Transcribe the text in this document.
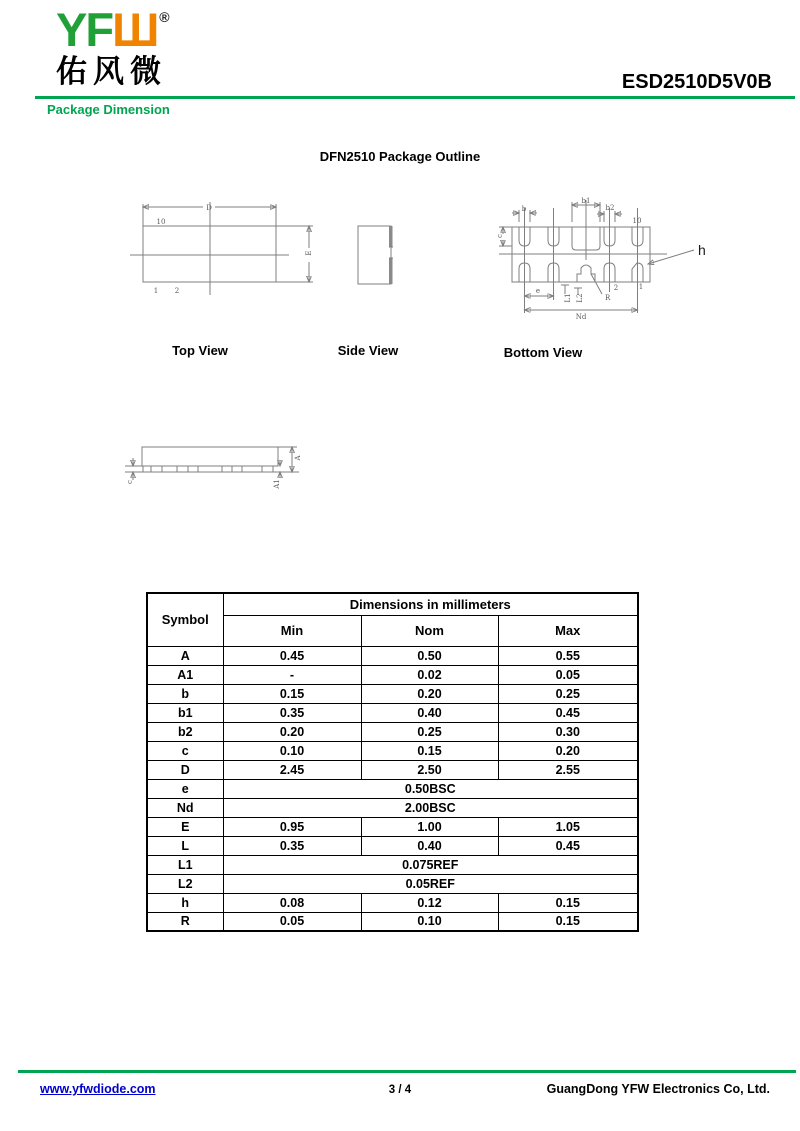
YFШ ®
佑风微	ESD2510D5V0B
Package Dimension
DFN2510 Package Outline
D
10
E
1 2
b
b1
b2
10
c
h
e
L1 L2	R
Nd
2	1
Top View	Side View	Bottom View
A
A1
c
Symbol	Dimensions in millimeters		
	Min	Nom	Max
A	0.45	0.50	0.55
A1	-	0.02	0.05
b	0.15	0.20	0.25
b1	0.35	0.40	0.45
b2	0.20	0.25	0.30
c	0.10	0.15	0.20
D	2.45	2.50	2.55
e	0.50BSC		
Nd	2.00BSC		
E	0.95	1.00	1.05
L	0.35	0.40	0.45
L1	0.075REF		
L2	0.05REF		
h	0.08	0.12	0.15
R	0.05	0.10	0.15
www.yfwdiode.com	3 / 4	GuangDong YFW Electronics Co, Ltd.
